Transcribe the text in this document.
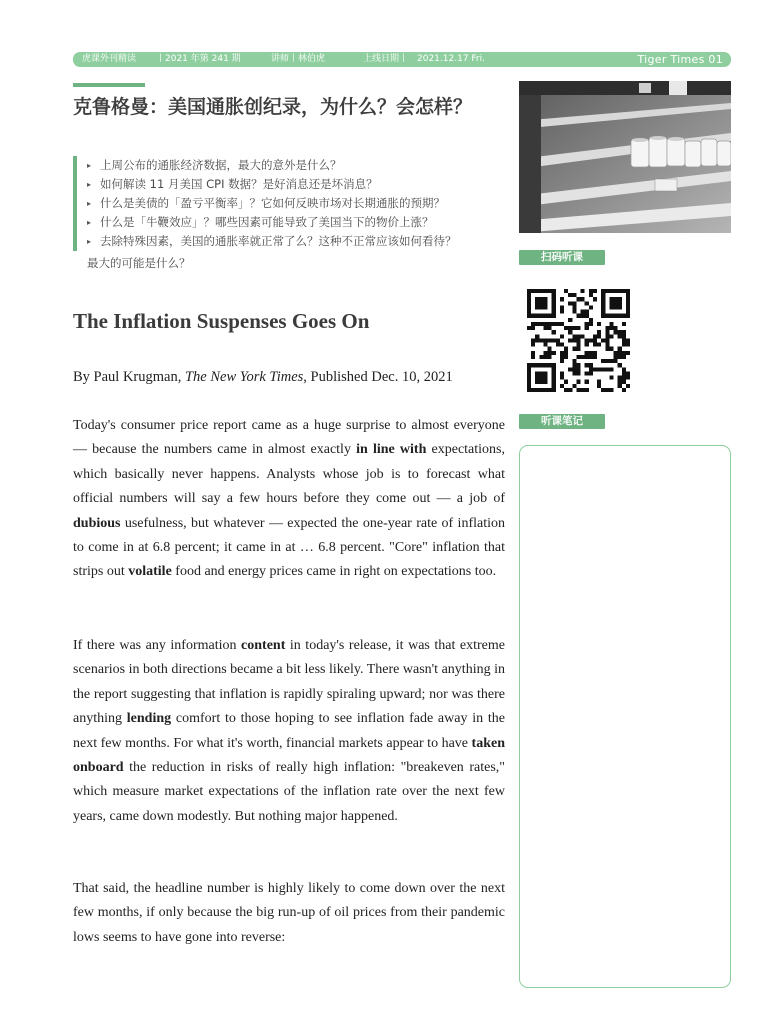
虎课外刊精读 丨 2021 年第 241 期	讲师丨林伯虎	上线日期丨 2021.12.17 Fri.	Tiger Times 01
克鲁格曼：美国通胀创纪录，为什么？会怎样？
▸ 上周公布的通胀经济数据，最大的意外是什么？
▸ 如何解读 11 月美国 CPI 数据？是好消息还是坏消息？
▸ 什么是美债的「盈亏平衡率」？它如何反映市场对长期通胀的预期？
▸ 什么是「牛鞭效应」？哪些因素可能导致了美国当下的物价上涨？
▸ 去除特殊因素，美国的通胀率就正常了么？这种不正常应该如何看待？
最大的可能是什么？
The Inflation Suspenses Goes On
By Paul Krugman, The New York Times, Published Dec. 10, 2021

Today's consumer price report came as a huge surprise to almost everyone — because the numbers came in almost exactly in line with expectations, which basically never happens. Analysts whose job is to forecast what official numbers will say a few hours before they come out — a job of dubious usefulness, but whatever — expected the one-year rate of inflation to come in at 6.8 percent; it came in at … 6.8 percent. "Core" inflation that strips out volatile food and energy prices came in right on expectations too.

If there was any information content in today's release, it was that extreme scenarios in both directions became a bit less likely. There wasn't anything in the report suggesting that inflation is rapidly spiraling upward; nor was there anything lending comfort to those hoping to see inflation fade away in the next few months. For what it's worth, financial markets appear to have taken onboard the reduction in risks of really high inflation: "breakeven rates," which measure market expectations of the inflation rate over the next few years, came down modestly. But nothing major happened.

That said, the headline number is highly likely to come down over the next few months, if only because the big run-up of oil prices from their pandemic lows seems to have gone into reverse:

扫码听课
听课笔记
